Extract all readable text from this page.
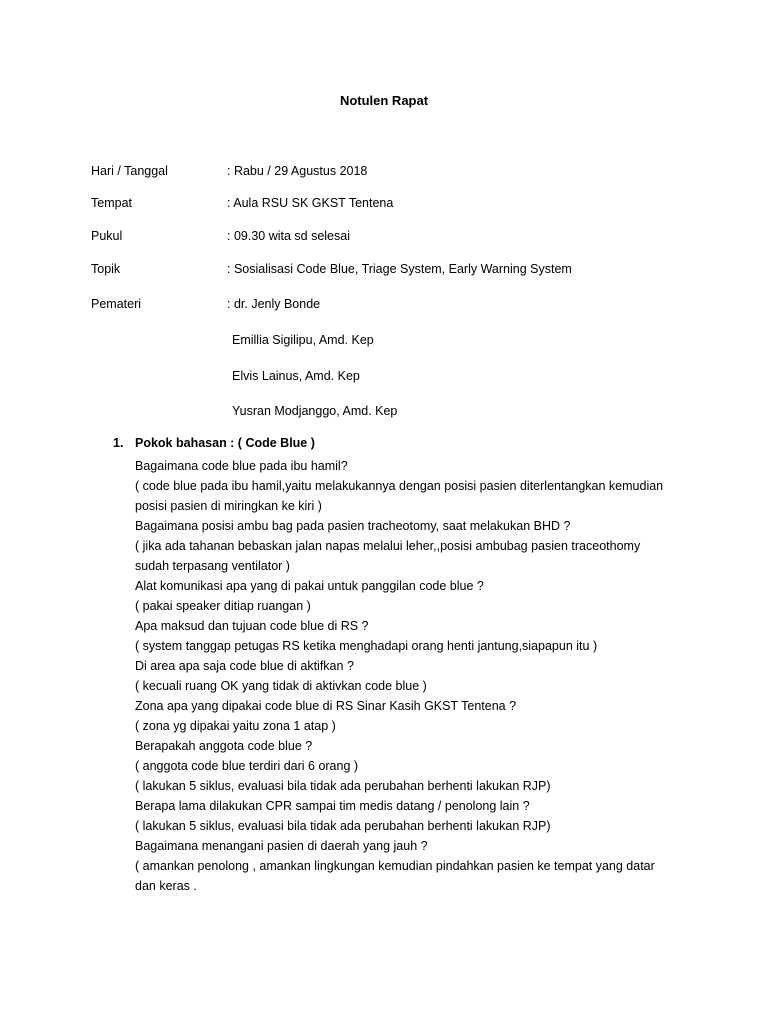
Notulen Rapat
Hari / Tanggal	: Rabu / 29 Agustus 2018
Tempat	: Aula RSU SK GKST Tentena
Pukul	: 09.30 wita sd selesai
Topik	: Sosialisasi Code Blue, Triage System, Early Warning System
Pemateri	: dr. Jenly Bonde
Emillia Sigilipu, Amd. Kep
Elvis Lainus, Amd. Kep
Yusran Modjanggo, Amd. Kep
1. Pokok bahasan : ( Code Blue )
Bagaimana code blue pada ibu hamil?
( code blue pada ibu hamil,yaitu melakukannya dengan posisi pasien diterlentangkan kemudian
posisi pasien di miringkan ke kiri )
Bagaimana posisi ambu bag pada pasien tracheotomy, saat melakukan BHD ?
( jika ada tahanan bebaskan jalan napas melalui leher,,posisi ambubag pasien traceothomy
sudah terpasang ventilator )
Alat komunikasi apa yang di pakai untuk panggilan code blue ?
( pakai speaker ditiap ruangan )
Apa maksud dan tujuan code blue di RS ?
( system tanggap petugas RS ketika menghadapi orang henti jantung,siapapun itu )
Di area apa saja code blue di aktifkan ?
( kecuali ruang OK yang tidak di aktivkan code blue )
Zona apa yang dipakai code blue di RS Sinar Kasih GKST Tentena ?
( zona yg dipakai yaitu zona 1 atap )
Berapakah anggota code blue ?
( anggota code blue terdiri dari 6 orang )
( lakukan 5 siklus, evaluasi bila tidak ada perubahan berhenti lakukan RJP)
Berapa lama dilakukan CPR sampai tim medis datang / penolong lain ?
( lakukan 5 siklus, evaluasi bila tidak ada perubahan berhenti lakukan RJP)
Bagaimana menangani pasien di daerah yang jauh ?
( amankan penolong , amankan lingkungan kemudian pindahkan pasien ke tempat yang datar
dan keras .
